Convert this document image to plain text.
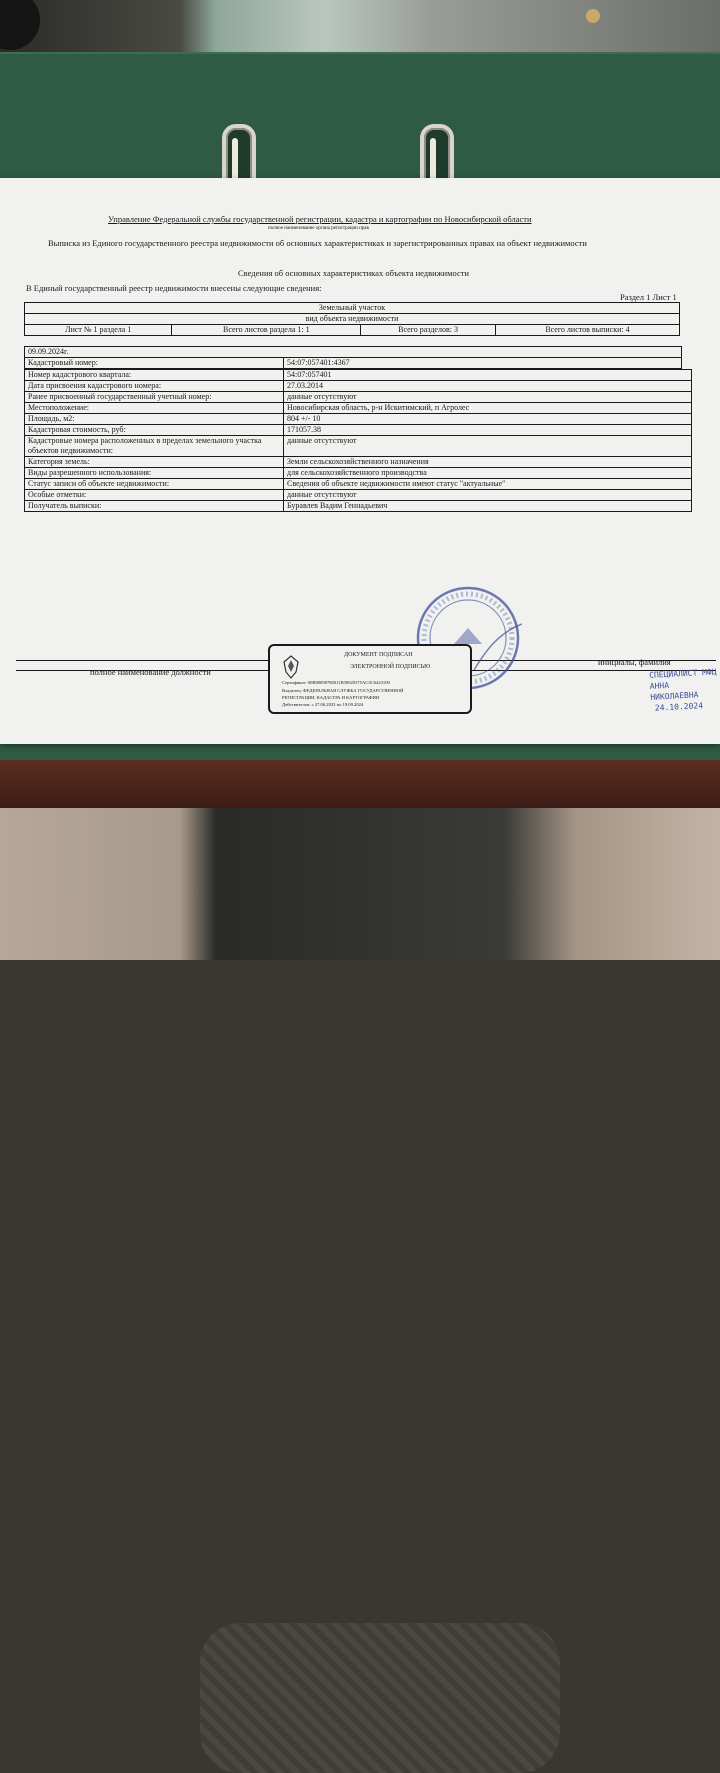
Управление Федеральной службы государственной регистрации, кадастра и картографии по Новосибирской области
полное наименование органа регистрации прав
Выписка из Единого государственного реестра недвижимости об основных характеристиках и зарегистрированных правах на объект недвижимости
Сведения об основных характеристиках объекта недвижимости
В Единый государственный реестр недвижимости внесены следующие сведения:
Раздел 1 Лист 1
Земельный участок
вид объекта недвижимости
Лист № 1 раздела 1	Всего листов раздела 1: 1	Всего разделов: 3	Всего листов выписки: 4
09.09.2024г.
Кадастровый номер:	54:07:057401:4367
Номер кадастрового квартала:	54:07:057401
Дата присвоения кадастрового номера:	27.03.2014
Ранее присвоенный государственный учетный номер:	данные отсутствуют
Местоположение:	Новосибирская область, р-н Искитимский, п Агролес
Площадь, м2:	804 +/- 10
Кадастровая стоимость, руб:	171057.38
Кадастровые номера расположенных в пределах земельного участка объектов недвижимости:	данные отсутствуют
Категория земель:	Земли сельскохозяйственного назначения
Виды разрешенного использования:	для сельскохозяйственного производства
Статус записи об объекте недвижимости:	Сведения об объекте недвижимости имеют статус "актуальные"
Особые отметки:	данные отсутствуют
Получатель выписки:	Буравлев Вадим Геннадьевич
полное наименование должности
инициалы, фамилия
ДОКУМЕНТ ПОДПИСАН
ЭЛЕКТРОННОЙ ПОДПИСЬЮ
Сертификат: 00B80098780011B39020375AC3C6423100
Владелец: ФЕДЕРАЛЬНАЯ СЛУЖБА ГОСУДАРСТВЕННОЙ
РЕГИСТРАЦИИ, КАДАСТРА И КАРТОГРАФИИ
Действителен: с 27.06.2023 по 19.09.2024
СПЕЦИАЛИСТ МФЦ
АННА НИКОЛАЕВНА
24.10.2024
